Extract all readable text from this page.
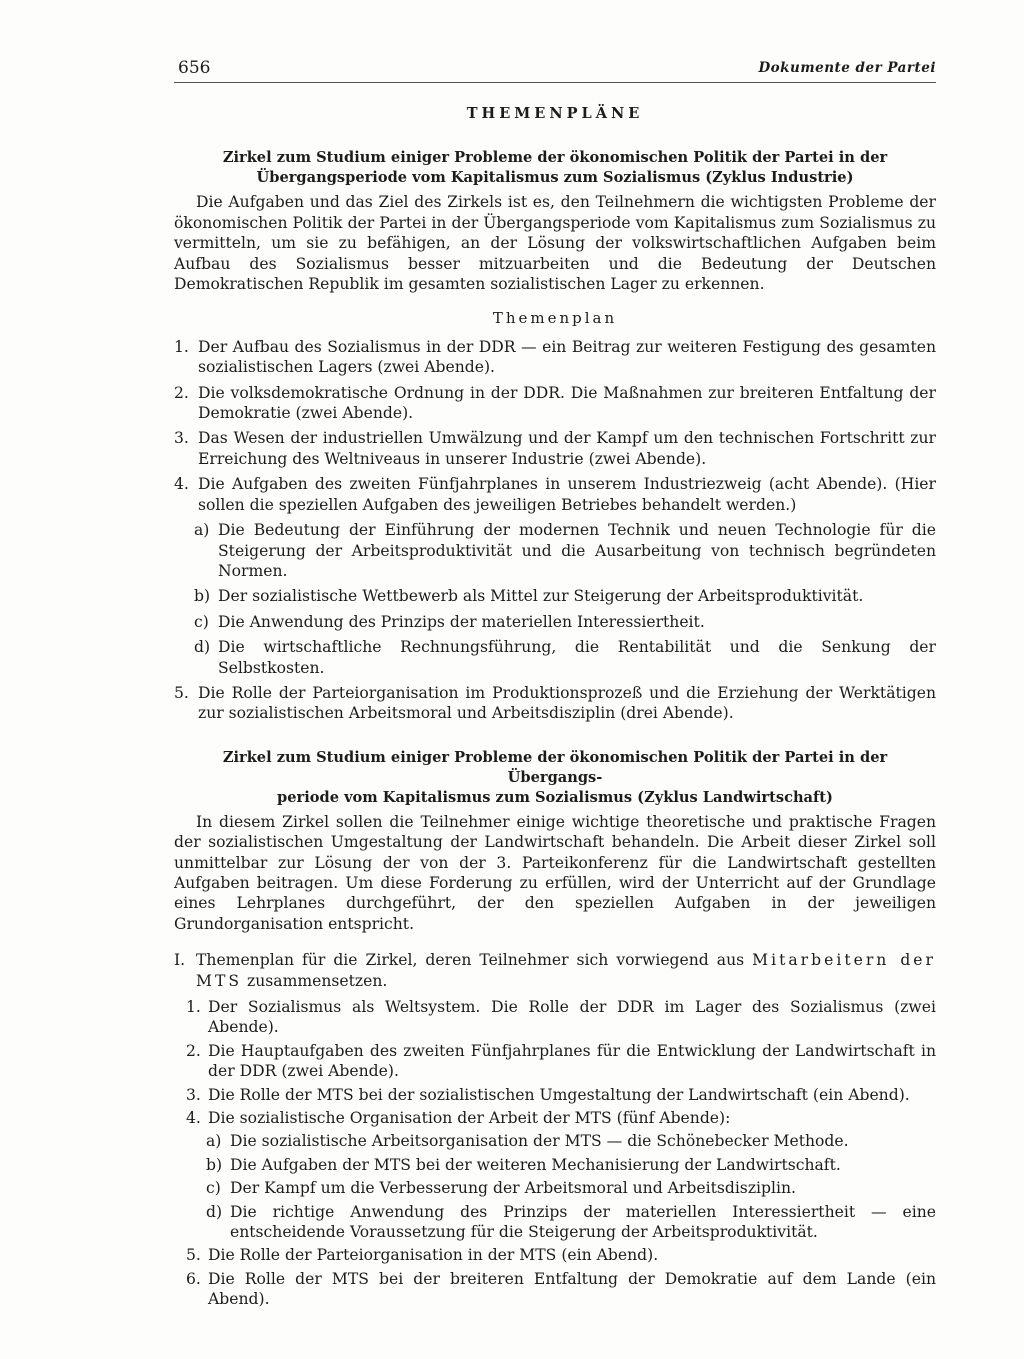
656	Dokumente der Partei
THEMENPLÄNE
Zirkel zum Studium einiger Probleme der ökonomischen Politik der Partei in der
Übergangsperiode vom Kapitalismus zum Sozialismus (Zyklus Industrie)

Die Aufgaben und das Ziel des Zirkels ist es, den Teilnehmern die wichtigsten Probleme der ökonomischen Politik der Partei in der Übergangsperiode vom Kapitalismus zum Sozialismus zu vermitteln, um sie zu befähigen, an der Lösung der volkswirtschaftlichen Aufgaben beim Aufbau des Sozialismus besser mitzuarbeiten und die Bedeutung der Deutschen Demokratischen Republik im gesamten sozialistischen Lager zu erkennen.

Themenplan
1. Der Aufbau des Sozialismus in der DDR — ein Beitrag zur weiteren Festigung des gesamten sozialistischen Lagers (zwei Abende).
2. Die volksdemokratische Ordnung in der DDR. Die Maßnahmen zur breiteren Entfaltung der Demokratie (zwei Abende).
3. Das Wesen der industriellen Umwälzung und der Kampf um den technischen Fortschritt zur Erreichung des Weltniveaus in unserer Industrie (zwei Abende).
4. Die Aufgaben des zweiten Fünfjahrplanes in unserem Industriezweig (acht Abende). (Hier sollen die speziellen Aufgaben des jeweiligen Betriebes behandelt werden.)
a) Die Bedeutung der Einführung der modernen Technik und neuen Technologie für die Steigerung der Arbeitsproduktivität und die Ausarbeitung von technisch begründeten Normen.
b) Der sozialistische Wettbewerb als Mittel zur Steigerung der Arbeitsproduktivität.
c) Die Anwendung des Prinzips der materiellen Interessiertheit.
d) Die wirtschaftliche Rechnungsführung, die Rentabilität und die Senkung der Selbstkosten.
5. Die Rolle der Parteiorganisation im Produktionsprozeß und die Erziehung der Werktätigen zur sozialistischen Arbeitsmoral und Arbeitsdisziplin (drei Abende).
Zirkel zum Studium einiger Probleme der ökonomischen Politik der Partei in der Übergangs-
periode vom Kapitalismus zum Sozialismus (Zyklus Landwirtschaft)

In diesem Zirkel sollen die Teilnehmer einige wichtige theoretische und praktische Fragen der sozialistischen Umgestaltung der Landwirtschaft behandeln. Die Arbeit dieser Zirkel soll unmittelbar zur Lösung der von der 3. Parteikonferenz für die Landwirtschaft gestellten Aufgaben beitragen. Um diese Forderung zu erfüllen, wird der Unterricht auf der Grundlage eines Lehrplanes durchgeführt, der den speziellen Aufgaben in der jeweiligen Grundorganisation entspricht.

I. Themenplan für die Zirkel, deren Teilnehmer sich vorwiegend aus Mitarbeitern der MTS zusammensetzen.
1. Der Sozialismus als Weltsystem. Die Rolle der DDR im Lager des Sozialismus (zwei Abende).
2. Die Hauptaufgaben des zweiten Fünfjahrplanes für die Entwicklung der Landwirtschaft in der DDR (zwei Abende).
3. Die Rolle der MTS bei der sozialistischen Umgestaltung der Landwirtschaft (ein Abend).
4. Die sozialistische Organisation der Arbeit der MTS (fünf Abende):
a) Die sozialistische Arbeitsorganisation der MTS — die Schönebecker Methode.
b) Die Aufgaben der MTS bei der weiteren Mechanisierung der Landwirtschaft.
c) Der Kampf um die Verbesserung der Arbeitsmoral und Arbeitsdisziplin.
d) Die richtige Anwendung des Prinzips der materiellen Interessiertheit — eine entscheidende Voraussetzung für die Steigerung der Arbeitsproduktivität.
5. Die Rolle der Parteiorganisation in der MTS (ein Abend).
6. Die Rolle der MTS bei der breiteren Entfaltung der Demokratie auf dem Lande (ein Abend).
